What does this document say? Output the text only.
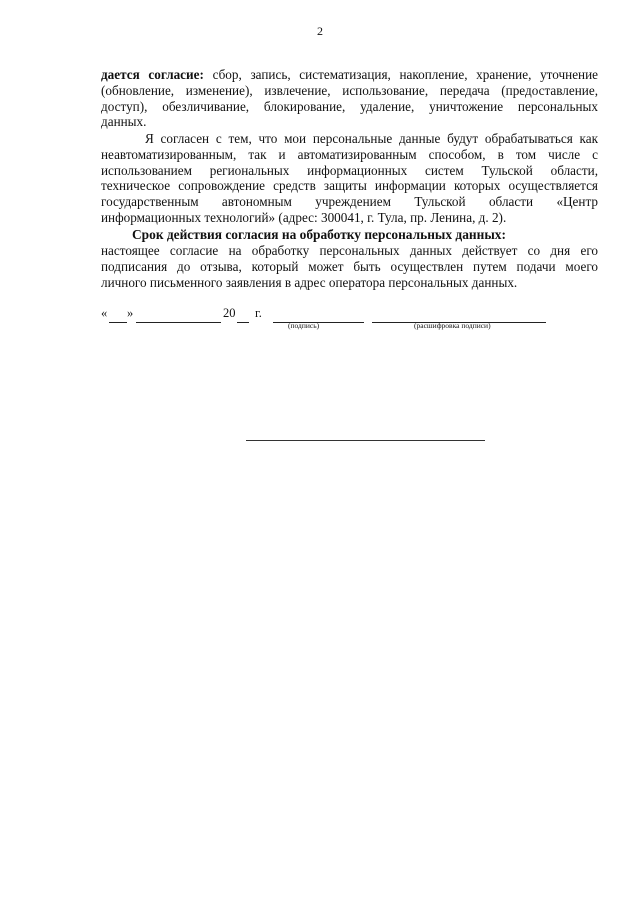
2
дается согласие: сбор, запись, систематизация, накопление, хранение, уточнение
(обновление, изменение), извлечение, использование, передача (предоставление,
доступ), обезличивание, блокирование, удаление, уничтожение персональных
данных.
Я согласен с тем, что мои персональные данные будут обрабатываться как
неавтоматизированным, так и автоматизированным способом, в том числе с
использованием региональных информационных систем Тульской области,
техническое сопровождение средств защиты информации которых осуществляется
государственным автономным учреждением Тульской области «Центр
информационных технологий» (адрес: 300041, г. Тула, пр. Ленина, д. 2).
Срок действия согласия на обработку персональных данных:
настоящее согласие на обработку персональных данных действует со дня его
подписания до отзыва, который может быть осуществлен путем подачи моего
личного письменного заявления в адрес оператора персональных данных.
« »	20 г.
(подпись)	(расшифровка подписи)
